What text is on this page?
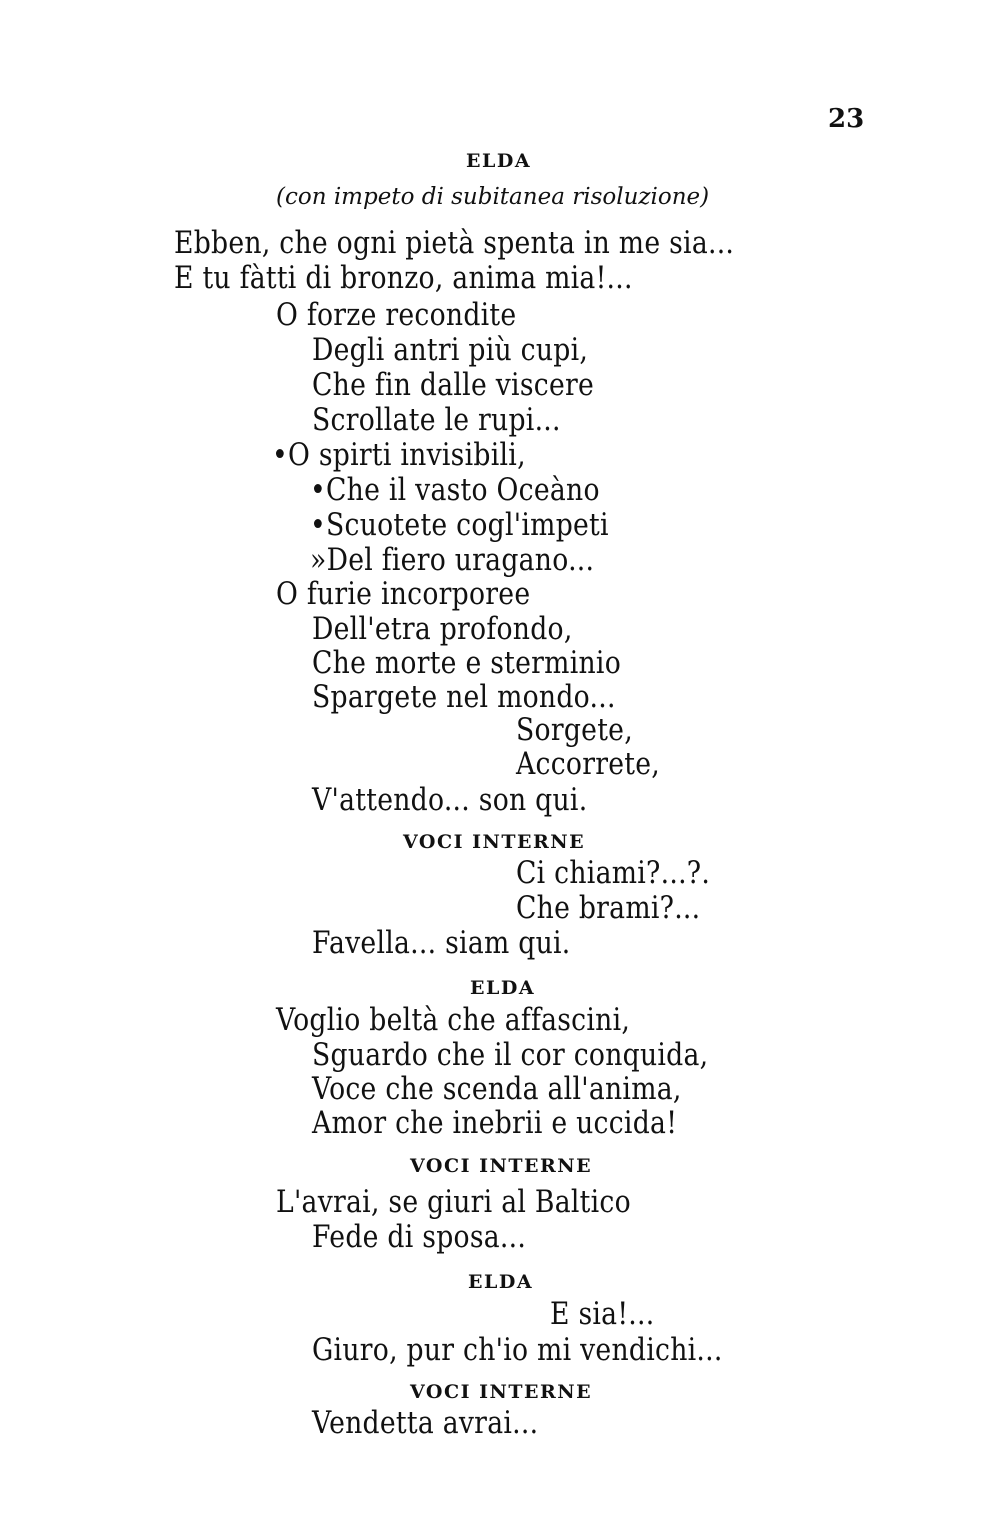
23
ELDA
(con impeto di subitanea risoluzione)
Ebben, che ogni pietà spenta in me sia...
E tu fàtti di bronzo, anima mia!...
O forze recondite
Degli antri più cupi,
Che fin dalle viscere
Scrollate le rupi...
•O spirti invisibili,
•Che il vasto Oceàno
•Scuotete cogl'impeti
»Del fiero uragano...
O furie incorporee
Dell'etra profondo,
Che morte e sterminio
Spargete nel mondo...
Sorgete,
Accorrete,
V'attendo... son qui.
VOCI INTERNE
Ci chiami?...?.
Che brami?...
Favella... siam qui.
ELDA
Voglio beltà che affascini,
Sguardo che il cor conquida,
Voce che scenda all'anima,
Amor che inebrii e uccida!
VOCI INTERNE
L'avrai, se giuri al Baltico
Fede di sposa...
ELDA
E sia!...
Giuro, pur ch'io mi vendichi...
VOCI INTERNE
Vendetta avrai...
